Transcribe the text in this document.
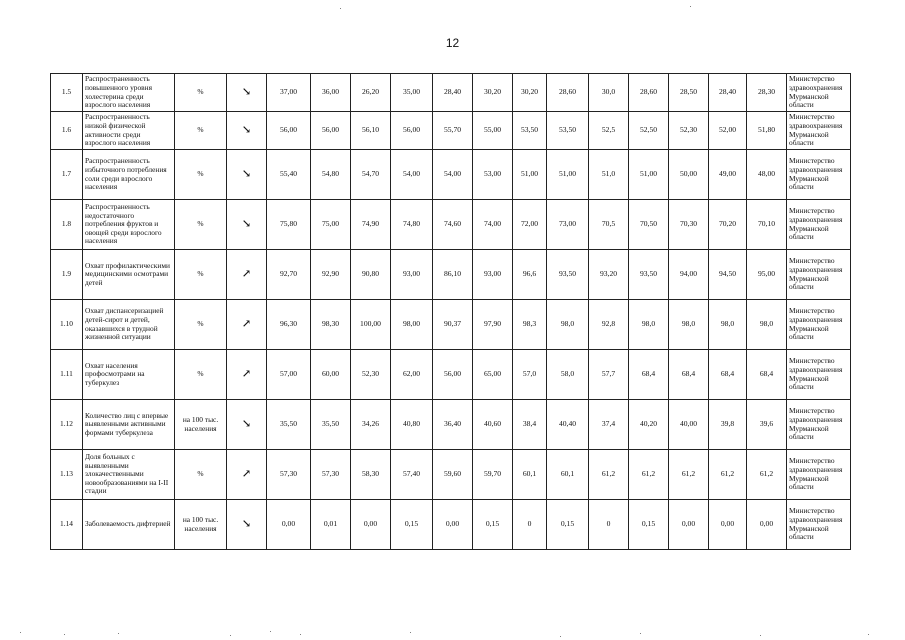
12
1.5	Распространенность повышенного уровня холестерина среди взрослого населения	%	↘	37,00	36,00	26,20	35,00	28,40	30,20	30,20	28,60	30,0	28,60	28,50	28,40	28,30	Министерство здравоохранения Мурманской области
1.6	Распространенность низкой физической активности среди взрослого населения	%	↘	56,00	56,00	56,10	56,00	55,70	55,00	53,50	53,50	52,5	52,50	52,30	52,00	51,80	Министерство здравоохранения Мурманской области
1.7	Распространенность избыточного потребления соли среди взрослого населения	%	↘	55,40	54,80	54,70	54,00	54,00	53,00	51,00	51,00	51,0	51,00	50,00	49,00	48,00	Министерство здравоохранения Мурманской области
1.8	Распространенность недостаточного потребления фруктов и овощей среди взрослого населения	%	↘	75,80	75,00	74,90	74,80	74,60	74,00	72,00	73,00	70,5	70,50	70,30	70,20	70,10	Министерство здравоохранения Мурманской области
1.9	Охват профилактическими медицинскими осмотрами детей	%	↗	92,70	92,90	90,80	93,00	86,10	93,00	96,6	93,50	93,20	93,50	94,00	94,50	95,00	Министерство здравоохранения Мурманской области
1.10	Охват диспансеризацией детей-сирот и детей, оказавшихся в трудной жизненной ситуации	%	↗	96,30	98,30	100,00	98,00	90,37	97,90	98,3	98,0	92,8	98,0	98,0	98,0	98,0	Министерство здравоохранения Мурманской области
1.11	Охват населения профосмотрами на туберкулез	%	↗	57,00	60,00	52,30	62,00	56,00	65,00	57,0	58,0	57,7	68,4	68,4	68,4	68,4	Министерство здравоохранения Мурманской области
1.12	Количество лиц с впервые выявленными активными формами туберкулеза	на 100 тыс. населения	↘	35,50	35,50	34,26	40,80	36,40	40,60	38,4	40,40	37,4	40,20	40,00	39,8	39,6	Министерство здравоохранения Мурманской области
1.13	Доля больных с выявленными злокачественными новообразованиями на I-II стадии	%	↗	57,30	57,30	58,30	57,40	59,60	59,70	60,1	60,1	61,2	61,2	61,2	61,2	61,2	Министерство здравоохранения Мурманской области
1.14	Заболеваемость дифтерией	на 100 тыс. населения	↘	0,00	0,01	0,00	0,15	0,00	0,15	0	0,15	0	0,15	0,00	0,00	0,00	Министерство здравоохранения Мурманской области
